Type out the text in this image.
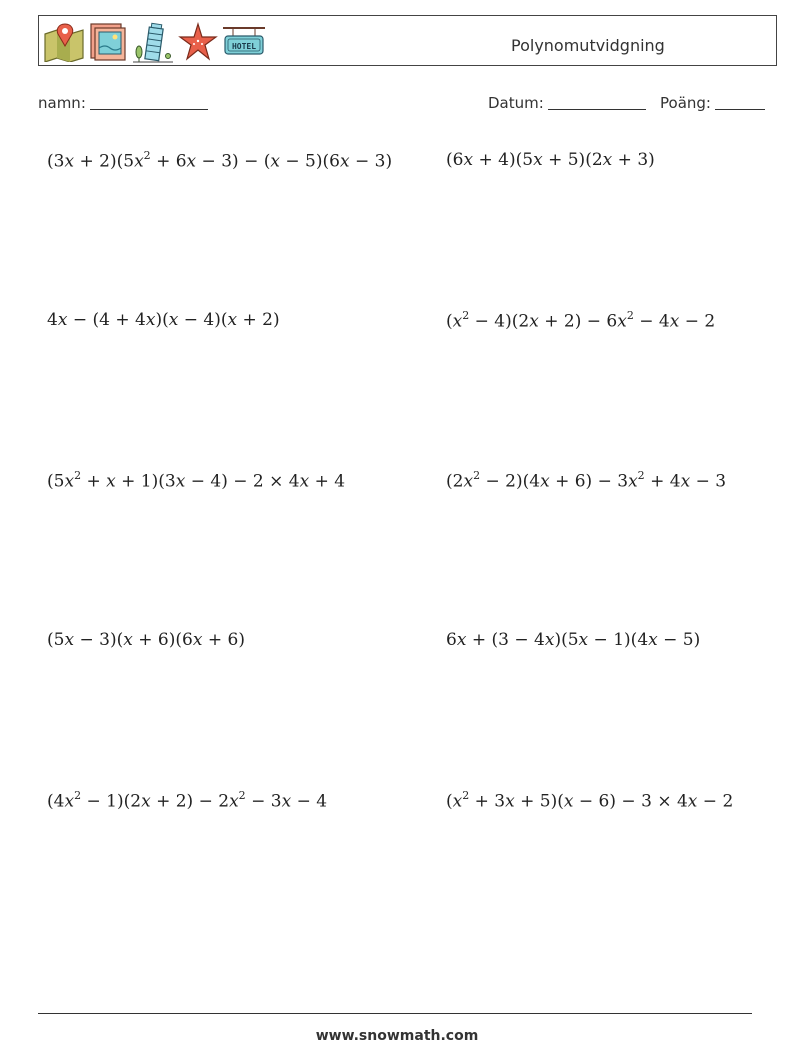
HOTEL	Polynomutvidgning
namn:	Datum:	Poäng:
$(3x + 2)(5x^2 + 6x - 3) - (x - 5)(6x - 3)$	(6x + 4)(5x + 5)(2x + 3)
4x − (4 + 4x)(x − 4)(x + 2)	$(x^2 - 4)(2x + 2) - 6x^2 - 4x - 2$
$(5x^2 + x + 1)(3x - 4) - 2 \times 4x + 4$	$(2x^2 - 2)(4x + 6) - 3x^2 + 4x - 3$
(5x − 3)(x + 6)(6x + 6)	6x + (3 − 4x)(5x − 1)(4x − 5)
$(4x^2 - 1)(2x + 2) - 2x^2 - 3x - 4$	$(x^2 + 3x + 5)(x - 6) - 3 \times 4x - 2$
www.snowmath.com
